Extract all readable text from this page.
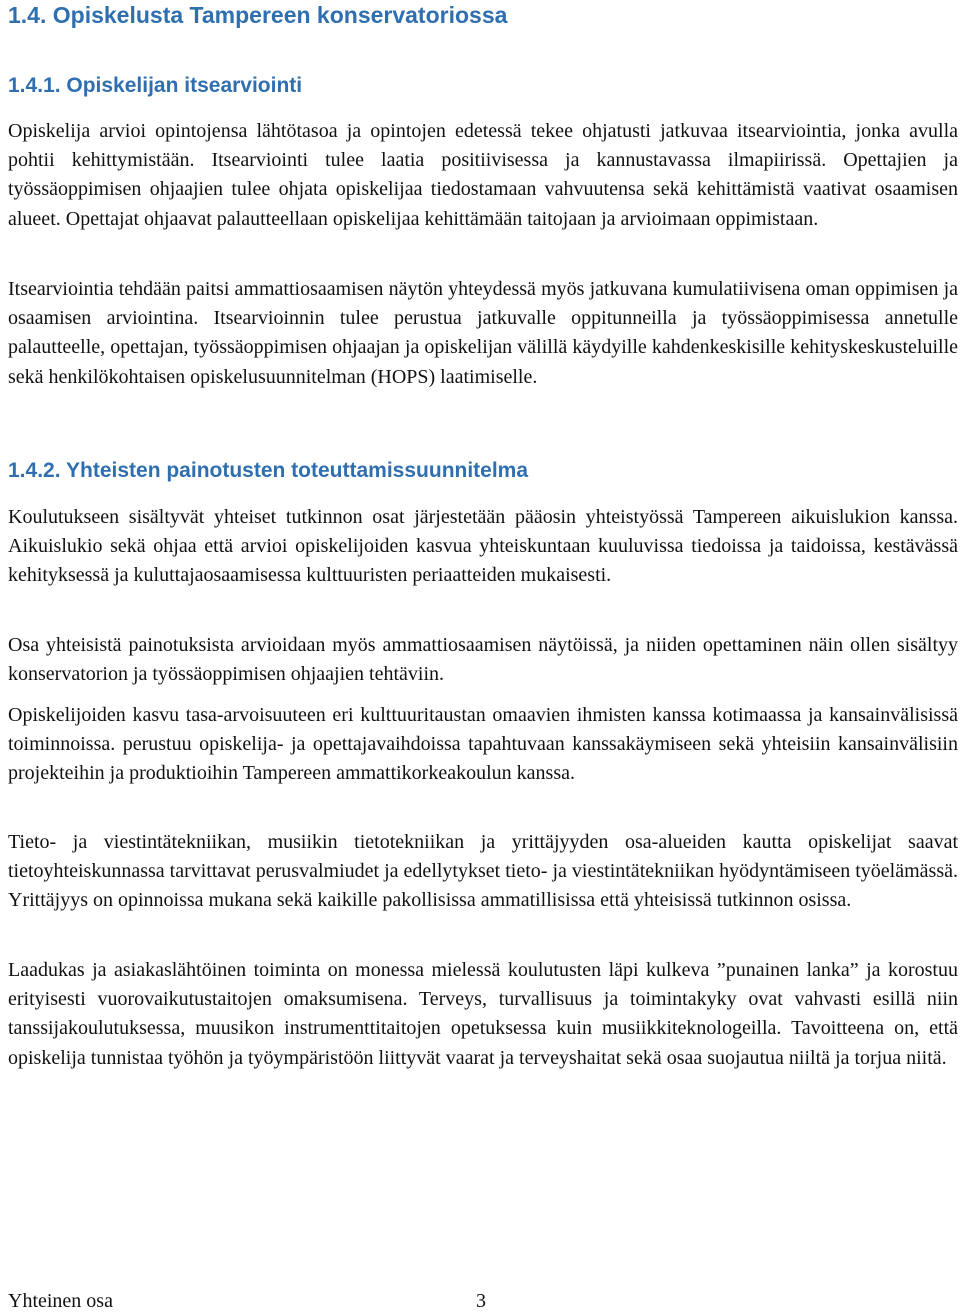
1.4. Opiskelusta Tampereen konservatoriossa
1.4.1. Opiskelijan itsearviointi

Opiskelija arvioi opintojensa lähtötasoa ja opintojen edetessä tekee ohjatusti jatkuvaa itsearviointia, jonka avulla pohtii kehittymistään. Itsearviointi tulee laatia positiivisessa ja kannustavassa ilmapiirissä. Opettajien ja työssäoppimisen ohjaajien tulee ohjata opiskelijaa tiedostamaan vahvuutensa sekä kehittämistä vaativat osaamisen alueet. Opettajat ohjaavat palautteellaan opiskelijaa kehittämään taitojaan ja arvioimaan oppimistaan.

Itsearviointia tehdään paitsi ammattiosaamisen näytön yhteydessä myös jatkuvana kumulatiivisena oman oppimisen ja osaamisen arviointina. Itsearvioinnin tulee perustua jatkuvalle oppitunneilla ja työssäoppimisessa annetulle palautteelle, opettajan, työssäoppimisen ohjaajan ja opiskelijan välillä käydyille kahdenkeskisille kehityskeskusteluille sekä henkilökohtaisen opiskelusuunnitelman (HOPS) laatimiselle.

1.4.2. Yhteisten painotusten toteuttamissuunnitelma

Koulutukseen sisältyvät yhteiset tutkinnon osat järjestetään pääosin yhteistyössä Tampereen aikuislukion kanssa. Aikuislukio sekä ohjaa että arvioi opiskelijoiden kasvua yhteiskuntaan kuuluvissa tiedoissa ja taidoissa, kestävässä kehityksessä ja kuluttajaosaamisessa kulttuuristen periaatteiden mukaisesti.

Osa yhteisistä painotuksista arvioidaan myös ammattiosaamisen näytöissä, ja niiden opettaminen näin ollen sisältyy konservatorion ja työssäoppimisen ohjaajien tehtäviin.

Opiskelijoiden kasvu tasa-arvoisuuteen eri kulttuuritaustan omaavien ihmisten kanssa kotimaassa ja kansainvälisissä toiminnoissa. perustuu opiskelija- ja opettajavaihdoissa tapahtuvaan kanssakäymiseen sekä yhteisiin kansainvälisiin projekteihin ja produktioihin Tampereen ammattikorkeakoulun kanssa.

Tieto- ja viestintätekniikan, musiikin tietotekniikan ja yrittäjyyden osa-alueiden kautta opiskelijat saavat tietoyhteiskunnassa tarvittavat perusvalmiudet ja edellytykset tieto- ja viestintätekniikan hyödyntämiseen työelämässä. Yrittäjyys on opinnoissa mukana sekä kaikille pakollisissa ammatillisissa että yhteisissä tutkinnon osissa.

Laadukas ja asiakaslähtöinen toiminta on monessa mielessä koulutusten läpi kulkeva ”punainen lanka” ja korostuu erityisesti vuorovaikutustaitojen omaksumisena. Terveys, turvallisuus ja toimintakyky ovat vahvasti esillä niin tanssijakoulutuksessa, muusikon instrumenttitaitojen opetuksessa kuin musiikkiteknologeilla. Tavoitteena on, että opiskelija tunnistaa työhön ja työympäristöön liittyvät vaarat ja terveyshaitat sekä osaa suojautua niiltä ja torjua niitä.

Yhteinen osa	3
